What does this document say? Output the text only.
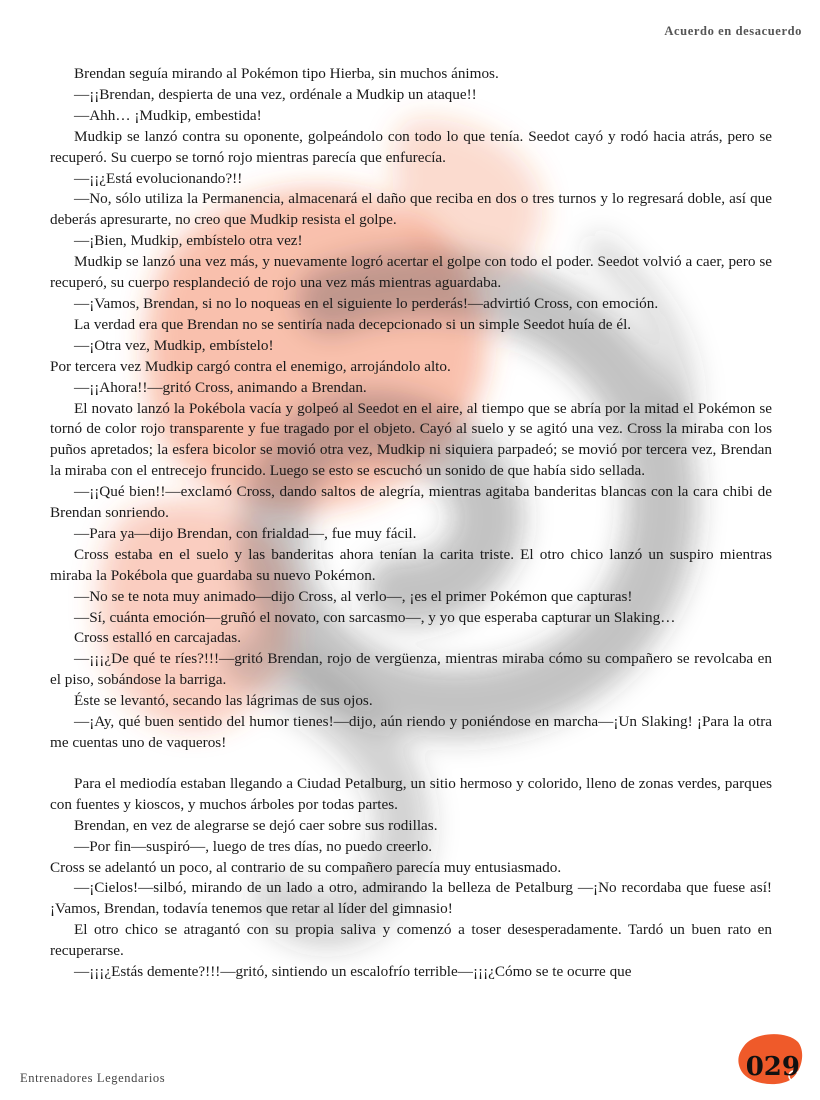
Acuerdo en desacuerdo

Brendan seguía mirando al Pokémon tipo Hierba, sin muchos ánimos.

—¡¡Brendan, despierta de una vez, ordénale a Mudkip un ataque!!

—Ahh… ¡Mudkip, embestida!

Mudkip se lanzó contra su oponente, golpeándolo con todo lo que tenía. Seedot cayó y rodó hacia atrás, pero se recuperó. Su cuerpo se tornó rojo mientras parecía que enfurecía.

—¡¡¿Está evolucionando?!!

—No, sólo utiliza la Permanencia, almacenará el daño que reciba en dos o tres turnos y lo regresará doble, así que deberás apresurarte, no creo que Mudkip resista el golpe.

—¡Bien, Mudkip, embístelo otra vez!

Mudkip se lanzó una vez más, y nuevamente logró acertar el golpe con todo el poder. Seedot volvió a caer, pero se recuperó, su cuerpo resplandeció de rojo una vez más mientras aguardaba.

—¡Vamos, Brendan, si no lo noqueas en el siguiente lo perderás!—advirtió Cross, con emoción.

La verdad era que Brendan no se sentiría nada decepcionado si un simple Seedot huía de él.

—¡Otra vez, Mudkip, embístelo!

Por tercera vez Mudkip cargó contra el enemigo, arrojándolo alto.

—¡¡Ahora!!—gritó Cross, animando a Brendan.

El novato lanzó la Pokébola vacía y golpeó al Seedot en el aire, al tiempo que se abría por la mitad el Pokémon se tornó de color rojo transparente y fue tragado por el objeto. Cayó al suelo y se agitó una vez. Cross la miraba con los puños apretados; la esfera bicolor se movió otra vez, Mudkip ni siquiera parpadeó; se movió por tercera vez, Brendan la miraba con el entrecejo fruncido. Luego se esto se escuchó un sonido de que había sido sellada.

—¡¡Qué bien!!—exclamó Cross, dando saltos de alegría, mientras agitaba banderitas blancas con la cara chibi de Brendan sonriendo.

—Para ya—dijo Brendan, con frialdad—, fue muy fácil.

Cross estaba en el suelo y las banderitas ahora tenían la carita triste. El otro chico lanzó un suspiro mientras miraba la Pokébola que guardaba su nuevo Pokémon.

—No se te nota muy animado—dijo Cross, al verlo—, ¡es el primer Pokémon que capturas!

—Sí, cuánta emoción—gruñó el novato, con sarcasmo—, y yo que esperaba capturar un Slaking…

Cross estalló en carcajadas.

—¡¡¡¿De qué te ríes?!!!—gritó Brendan, rojo de vergüenza, mientras miraba cómo su compañero se revolcaba en el piso, sobándose la barriga.

Éste se levantó, secando las lágrimas de sus ojos.

—¡Ay, qué buen sentido del humor tienes!—dijo, aún riendo y poniéndose en marcha—¡Un Slaking! ¡Para la otra me cuentas uno de vaqueros!

Para el mediodía estaban llegando a Ciudad Petalburg, un sitio hermoso y colorido, lleno de zonas verdes, parques con fuentes y kioscos, y muchos árboles por todas partes.

Brendan, en vez de alegrarse se dejó caer sobre sus rodillas.

—Por fin—suspiró—, luego de tres días, no puedo creerlo.

Cross se adelantó un poco, al contrario de su compañero parecía muy entusiasmado.

—¡Cielos!—silbó, mirando de un lado a otro, admirando la belleza de Petalburg —¡No recordaba que fuese así! ¡Vamos, Brendan, todavía tenemos que retar al líder del gimnasio!

El otro chico se atragantó con su propia saliva y comenzó a toser desesperadamente. Tardó un buen rato en recuperarse.

—¡¡¡¿Estás demente?!!!—gritó, sintiendo un escalofrío terrible—¡¡¡¿Cómo se te ocurre que

Entrenadores Legendarios	029
